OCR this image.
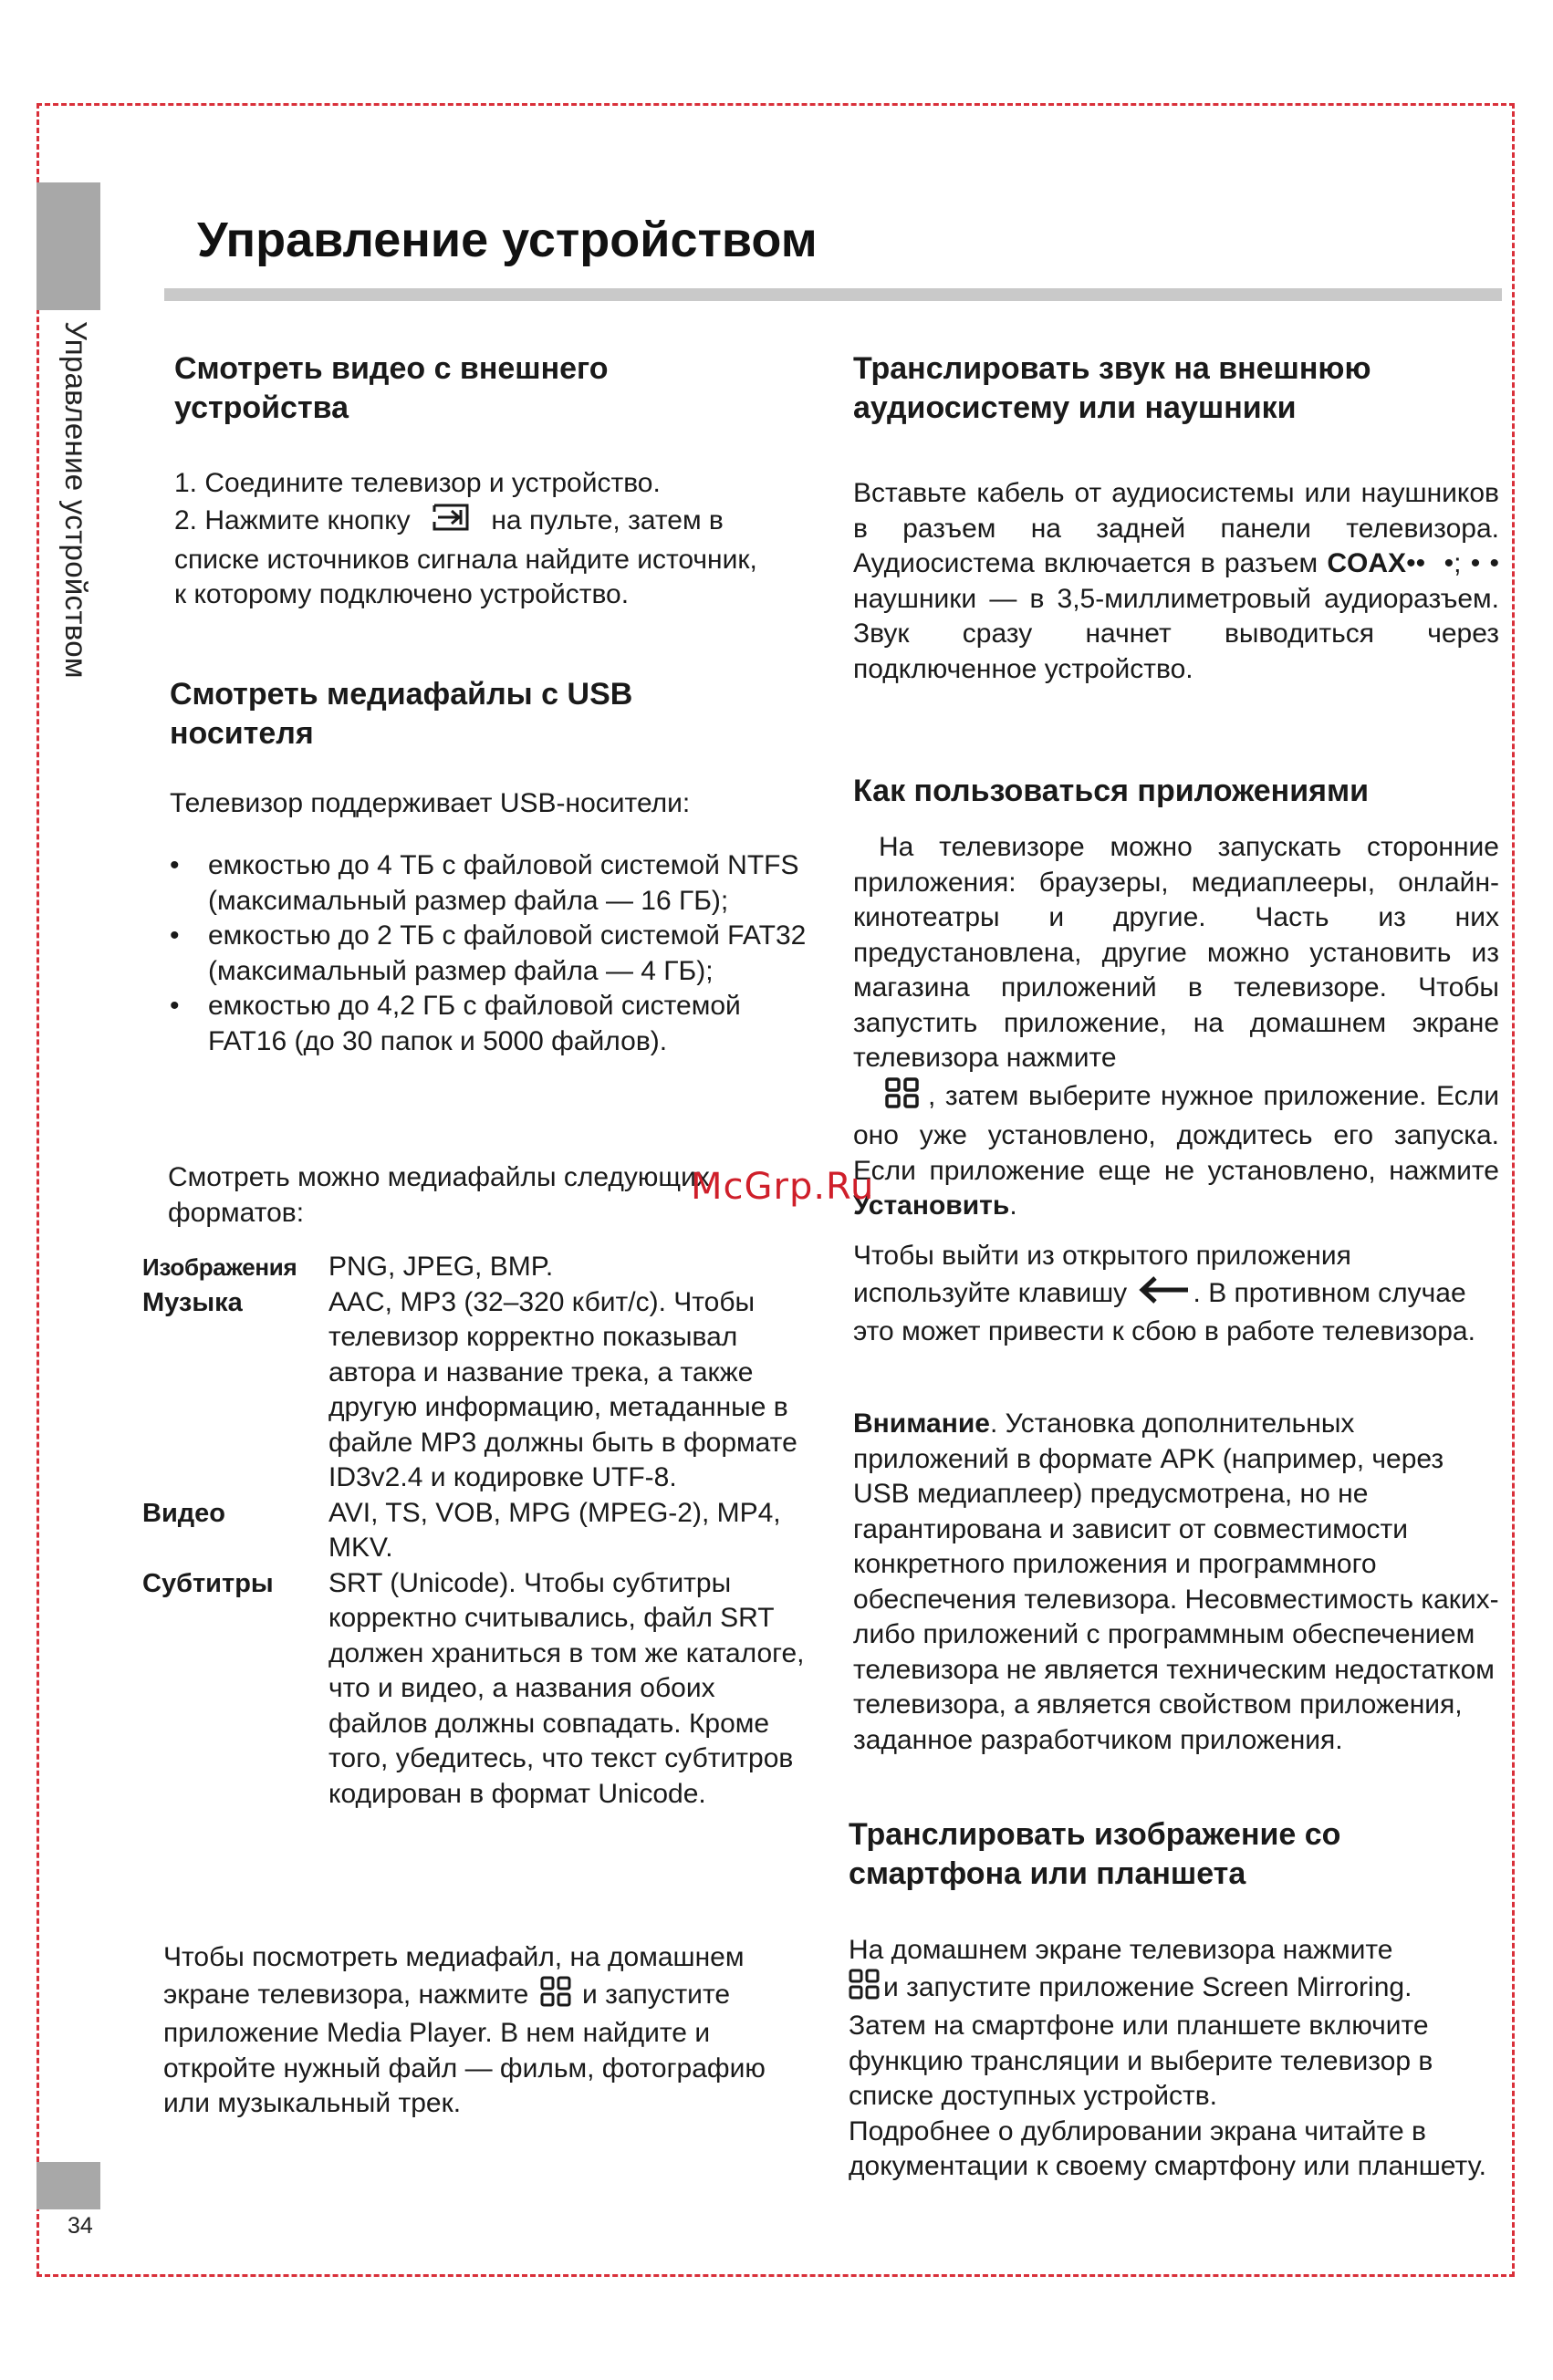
Управление устройством
34
Управление устройством
Смотреть видео с внешнего устройства

1. Соедините телевизор и устройство.

2. Нажмите кнопку	на пульте, затем в
списке источников сигнала найдите источник, к которому подключено устройство.

Смотреть медиафайлы с USB носителя

Телевизор поддерживает USB-носители:

• емкостью до 4 ТБ с файловой системой NTFS (максимальный размер файла — 16 ГБ);
• емкостью до 2 ТБ с файловой системой FAT32 (максимальный размер файла — 4 ГБ);
• емкостью до 4,2 ГБ с файловой системой FAT16 (до 30 папок и 5000 файлов).

Смотреть можно медиафайлы следующих форматов:

Изображения	PNG, JPEG, BMP.
Музыка	AAC, MP3 (32–320 кбит/с). Чтобы телевизор корректно показывал автора и название трека, а также другую информацию, метаданные в файле MP3 должны быть в формате ID3v2.4 и кодировке UTF-8.
Видео	AVI, TS, VOB, MPG (MPEG-2), MP4, MKV.
Субтитры	SRT (Unicode). Чтобы субтитры корректно считывались, файл SRT должен храниться в том же каталоге, что и видео, а названия обоих файлов должны совпадать. Кроме того, убедитесь, что текст субтитров кодирован в формат Unicode.

Чтобы посмотреть медиафайл, на домашнем экране телевизора, нажмите и запустите приложение Media Player. В нем найдите и откройте нужный файл — фильм, фотографию или музыкальный трек.

Транслировать звук на внешнюю аудиосистему или наушники

Вставьте кабель от аудиосистемы или наушников в разъем на задней панели телевизора. Аудиосистема включается в разъем COAX••  •; • • наушники — в 3,5-миллиметровый аудиоразъем. Звук сразу начнет выводиться через подключенное устройство.

Как пользоваться приложениями

На телевизоре можно запускать сторонние приложения: браузеры, медиаплееры, онлайн-кинотеатры и другие. Часть из них предустановлена, другие можно установить из магазина приложений в телевизоре. Чтобы запустить приложение, на домашнем экране телевизора нажмите
, затем выберите нужное приложение. Если оно уже установлено, дождитесь его запуска. Если приложение еще не установлено, нажмите Установить.

Чтобы выйти из открытого приложения используйте клавишу . В противном случае это может привести к сбою в работе телевизора.

Внимание. Установка дополнительных приложений в формате APK (например, через USB медиаплеер) предусмотрена, но не гарантирована и зависит от совместимости конкретного приложения и программного обеспечения телевизора. Несовместимость каких-либо приложений с программным обеспечением телевизора не является техническим недостатком телевизора, а является свойством приложения, заданное разработчиком приложения.

Транслировать изображение со смартфона или планшета

На домашнем экране телевизора нажмите
и запустите приложение Screen Mirroring. Затем на смартфоне или планшете включите функцию трансляции и выберите телевизор в списке доступных устройств.
Подробнее о дублировании экрана читайте в документации к своему смартфону или планшету.

McGrp.Ru
